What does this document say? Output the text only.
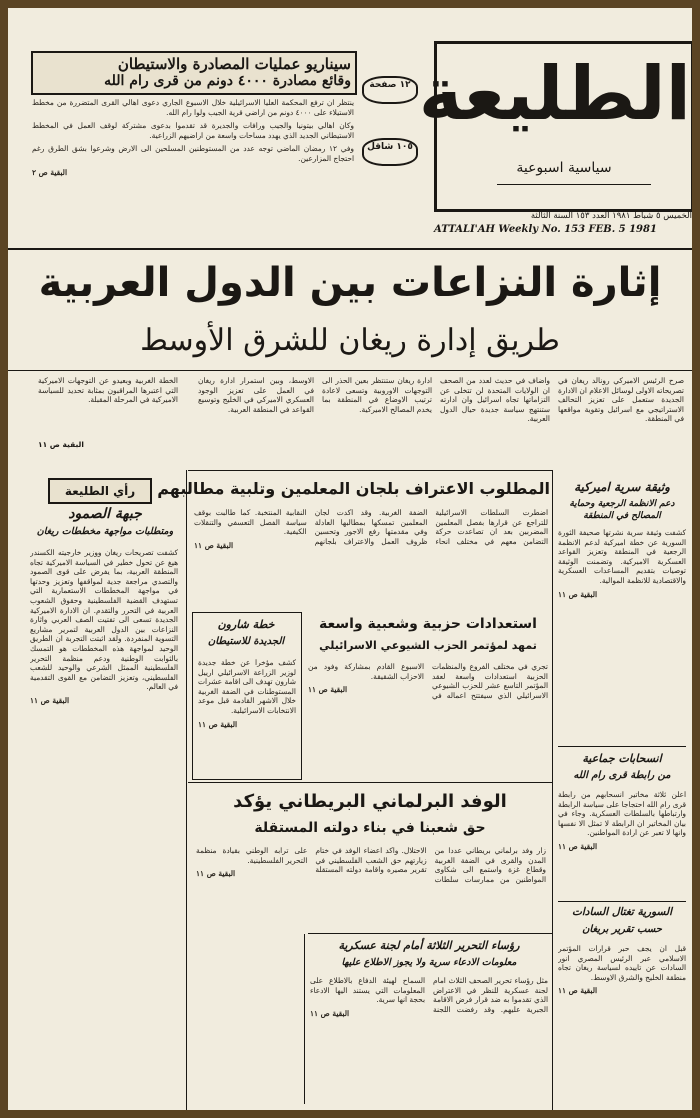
الطليعة
سياسية اسبوعية
الخميس ٥ شباط ١٩٨١ العدد ١٥٣ السنة الثالثة
ATTALI'AH Weekly No. 153 FEB. 5 1981
١٢ صفحة
١٠٥ شاقل
سيناريو عمليات المصادرة والاستيطان
وقائع مصادرة ٤٠٠٠ دونم من قرى رام الله

ينتظر ان ترفع المحكمة العليا الاسرائيلية خلال الاسبوع الجاري دعوى اهالي القرى المتضررة من مخطط الاستيلاء على ٤٠٠٠ دونم من اراضي قرية الجيب ولوا رام الله.

وكان اهالي بيتونيا والجيب ورافات والجديرة قد تقدموا بدعوى مشتركة لوقف العمل في المخطط الاستيطاني الجديد الذي يهدد مساحات واسعة من اراضيهم الزراعية.

وفي ١٢ رمضان الماضي توجه عدد من المستوطنين المسلحين الى الارض وشرعوا بشق الطرق رغم احتجاج المزارعين.

البقية ص ٢
إثارة النزاعات بين الدول العربية
طريق إدارة ريغان للشرق الأوسط
صرح الرئيس الاميركي رونالد ريغان في تصريحاته الاولى لوسائل الاعلام ان الادارة الجديدة ستعمل على تعزيز التحالف الاستراتيجي مع اسرائيل وتقوية مواقعها في المنطقة.
واضاف في حديث لعدد من الصحف ان الولايات المتحدة لن تتخلى عن التزاماتها تجاه اسرائيل وان ادارته ستنتهج سياسة جديدة حيال الدول العربية.
ادارة ريغان ستنتظر بعين الحذر الى التوجهات الاوروبية وتسعى لاعادة ترتيب الاوضاع في المنطقة بما يخدم المصالح الاميركية.
الاوسط، وبين استمرار ادارة ريغان في العمل على تعزيز الوجود العسكري الاميركي في الخليج وتوسيع القواعد في المنطقة العربية.
الخطة الغربية وبعيدو عن التوجهات الاميركية التي اعتبرها المراقبون بمثابة تحديد للسياسة الاميركية في المرحلة المقبلة.
البقية ص ١١
رأي الطليعة
جبهة الصمود
ومتطلبات مواجهة مخططات ريغان

كشفت تصريحات ريغان ووزير خارجيته الكسندر هيغ عن تحول خطير في السياسة الاميركية تجاه المنطقة العربية، بما يفرض على قوى الصمود والتصدي مراجعة جدية لمواقفها وتعزيز وحدتها في مواجهة المخططات الاستعمارية التي تستهدف القضية الفلسطينية وحقوق الشعوب العربية في التحرر والتقدم. ان الادارة الاميركية الجديدة تسعى الى تفتيت الصف العربي واثارة النزاعات بين الدول العربية لتمرير مشاريع التسوية المنفردة. ولقد اثبتت التجربة ان الطريق الوحيد لمواجهة هذه المخططات هو التمسك بالثوابت الوطنية ودعم منظمة التحرير الفلسطينية الممثل الشرعي والوحيد للشعب الفلسطيني، وتعزيز التضامن مع القوى التقدمية في العالم.

البقية ص ١١
وثيقة سرية اميركية
دعم الانظمة الرجعية وحماية المصالح في المنطقة

كشفت وثيقة سرية نشرتها صحيفة الثورة السورية عن خطة اميركية لدعم الانظمة الرجعية في المنطقة وتعزيز القواعد العسكرية الاميركية. وتضمنت الوثيقة توصيات بتقديم المساعدات العسكرية والاقتصادية للانظمة الموالية.

البقية ص ١١
انسحابات جماعية
من رابطة قرى رام الله

اعلن ثلاثة مخاتير انسحابهم من رابطة قرى رام الله احتجاجا على سياسة الرابطة وارتباطها بالسلطات العسكرية. وجاء في بيان المخاتير ان الرابطة لا تمثل الا نفسها وانها لا تعبر عن ارادة المواطنين.

البقية ص ١١
السورية تغتال السادات
حسب تقرير بريغان

قبل ان يجف حبر قرارات المؤتمر الاسلامي عبر الرئيس المصري انور السادات عن تاييده لسياسة ريغان تجاه منطقة الخليج والشرق الاوسط.

البقية ص ١١
المطلوب الاعتراف بلجان المعلمين وتلبية مطالبهم

اضطرت السلطات الاسرائيلية للتراجع عن قرارها بفصل المعلمين المضربين بعد ان تصاعدت حركة التضامن معهم في مختلف انحاء الضفة الغربية. وقد اكدت لجان المعلمين تمسكها بمطالبها العادلة وفي مقدمتها رفع الاجور وتحسين ظروف العمل والاعتراف بلجانهم النقابية المنتخبة. كما طالبت بوقف سياسة الفصل التعسفي والتنقلات الكيفية.

البقية ص ١١
خطة شارون
الجديدة للاستيطان

كشف مؤخرا عن خطة جديدة لوزير الزراعة الاسرائيلي ارييل شارون تهدف الى اقامة عشرات المستوطنات في الضفة الغربية خلال الاشهر القادمة قبل موعد الانتخابات الاسرائيلية.

البقية ص ١١
استعدادات حزبية وشعبية واسعة
تمهد لمؤتمر الحزب الشيوعي الاسرائيلي

تجري في مختلف الفروع والمنظمات الحزبية استعدادات واسعة لعقد المؤتمر التاسع عشر للحزب الشيوعي الاسرائيلي الذي سيفتتح اعماله في الاسبوع القادم بمشاركة وفود من الاحزاب الشقيقة.

البقية ص ١١
الوفد البرلماني البريطاني يؤكد
حق شعبنا في بناء دولته المستقلة

زار وفد برلماني بريطاني عددا من المدن والقرى في الضفة الغربية وقطاع غزة واستمع الى شكاوى المواطنين من ممارسات سلطات الاحتلال. واكد اعضاء الوفد في ختام زيارتهم حق الشعب الفلسطيني في تقرير مصيره واقامة دولته المستقلة على ترابه الوطني بقيادة منظمة التحرير الفلسطينية.

البقية ص ١١
رؤساء التحرير الثلاثة أمام لجنة عسكرية
معلومات الادعاء سرية ولا يجوز الاطلاع عليها

مثل رؤساء تحرير الصحف الثلاث امام لجنة عسكرية للنظر في الاعتراض الذي تقدموا به ضد قرار فرض الاقامة الجبرية عليهم. وقد رفضت اللجنة السماح لهيئة الدفاع بالاطلاع على المعلومات التي يستند اليها الادعاء بحجة انها سرية.

البقية ص ١١
